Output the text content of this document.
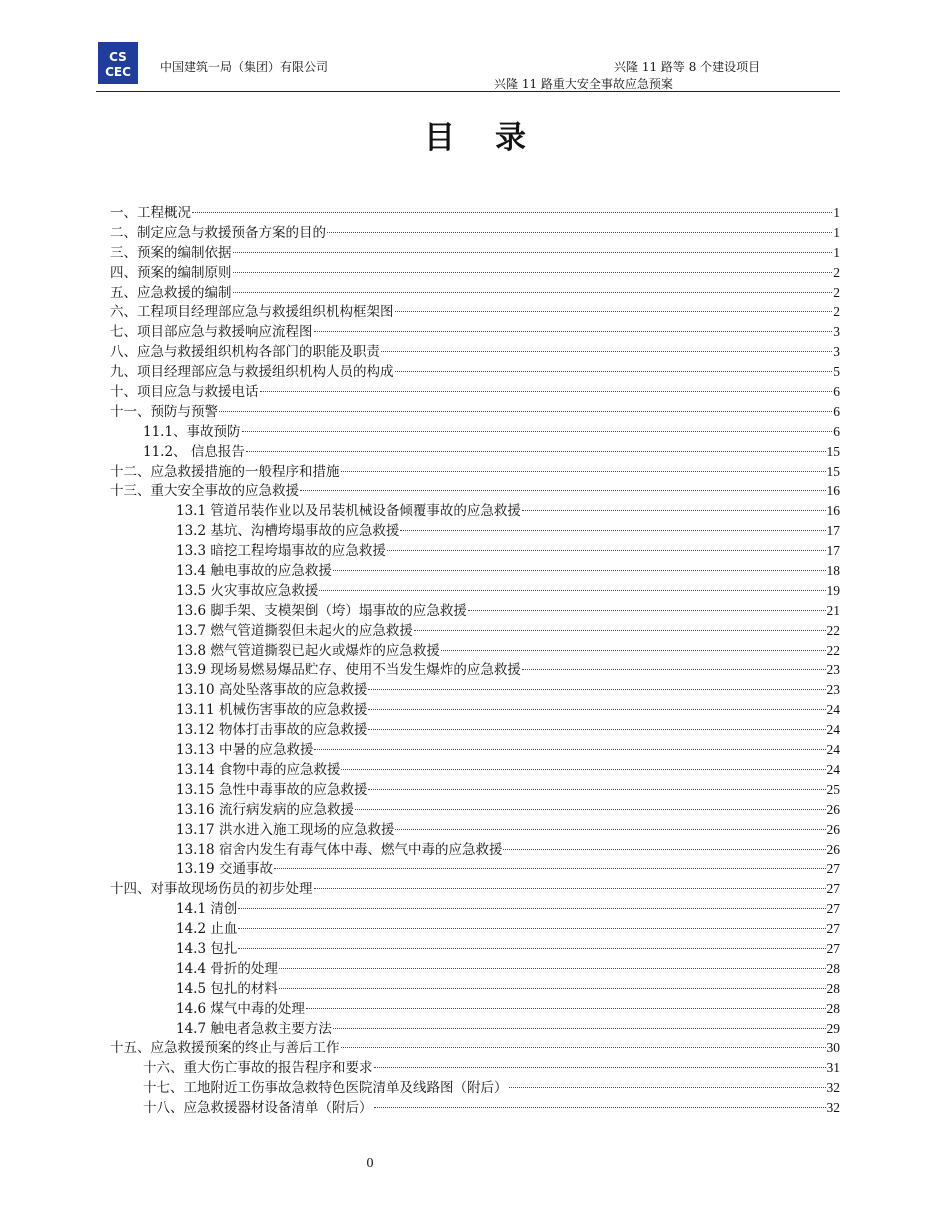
CS
CEC 中国建筑一局（集团）有限公司	兴隆 11 路等 8 个建设项目
兴隆 11 路重大安全事故应急预案
目录
一、工程概况	1
二、制定应急与救援预备方案的目的	1
三、预案的编制依据	1
四、预案的编制原则	2
五、应急救援的编制	2
六、工程项目经理部应急与救援组织机构框架图	2
七、项目部应急与救援响应流程图	3
八、应急与救援组织机构各部门的职能及职责	3
九、项目经理部应急与救援组织机构人员的构成	5
十、项目应急与救援电话	6
十一、预防与预警	6
11.1、事故预防	6
11.2、 信息报告	15
十二、应急救援措施的一般程序和措施	15
十三、重大安全事故的应急救援	16
13.1 管道吊装作业以及吊装机械设备倾覆事故的应急救援	16
13.2 基坑、沟槽垮塌事故的应急救援	17
13.3 暗挖工程垮塌事故的应急救援	17
13.4 触电事故的应急救援	18
13.5 火灾事故应急救援	19
13.6 脚手架、支模架倒（垮）塌事故的应急救援	21
13.7 燃气管道撕裂但未起火的应急救援	22
13.8 燃气管道撕裂已起火或爆炸的应急救援	22
13.9 现场易燃易爆品贮存、使用不当发生爆炸的应急救援	23
13.10 高处坠落事故的应急救援	23
13.11 机械伤害事故的应急救援	24
13.12 物体打击事故的应急救援	24
13.13 中暑的应急救援	24
13.14 食物中毒的应急救援	24
13.15 急性中毒事故的应急救援	25
13.16 流行病发病的应急救援	26
13.17 洪水进入施工现场的应急救援	26
13.18 宿舍内发生有毒气体中毒、燃气中毒的应急救援	26
13.19 交通事故	27
十四、对事故现场伤员的初步处理	27
14.1 清创	27
14.2 止血	27
14.3 包扎	27
14.4 骨折的处理	28
14.5 包扎的材料	28
14.6 煤气中毒的处理	28
14.7 触电者急救主要方法	29
十五、应急救援预案的终止与善后工作	30
十六、重大伤亡事故的报告程序和要求	31
十七、工地附近工伤事故急救特色医院清单及线路图（附后）	32
十八、应急救援器材设备清单（附后）	32
0
